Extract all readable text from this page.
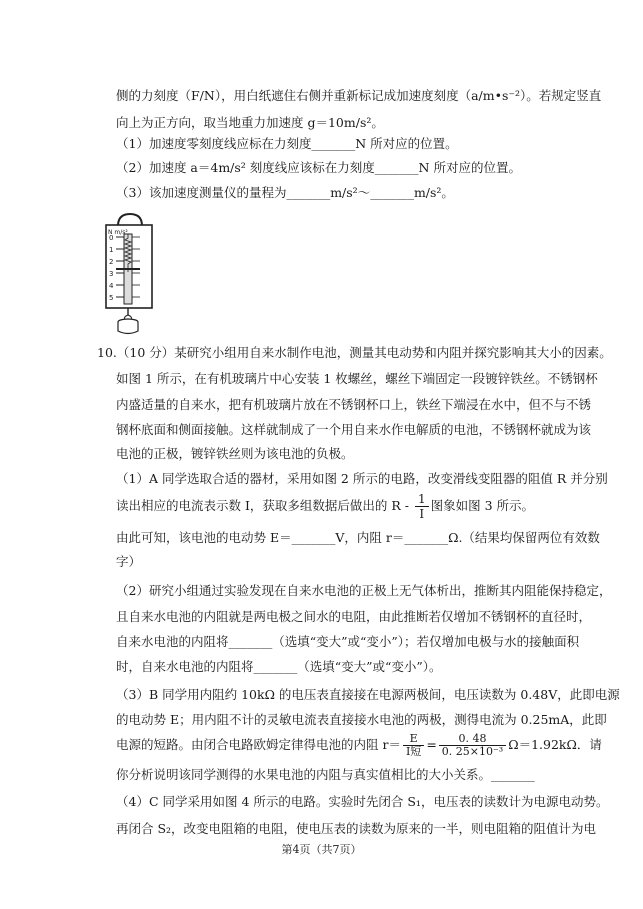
侧的力刻度（F/N），用白纸遮住右侧并重新标记成加速度刻度（a/m•s⁻²）。若规定竖直
向上为正方向，取当地重力加速度 g＝10m/s²。
（1）加速度零刻度线应标在力刻度_______N 所对应的位置。
（2）加速度 a＝4m/s² 刻度线应该标在力刻度_______N 所对应的位置。
（3）该加速度测量仪的量程为_______m/s²～_______m/s²。
N m/s²
0
1
2
3
4
5
10.（10 分）某研究小组用自来水制作电池，测量其电动势和内阻并探究影响其大小的因素。
如图 1 所示，在有机玻璃片中心安装 1 枚螺丝，螺丝下端固定一段镀锌铁丝。不锈钢杯
内盛适量的自来水，把有机玻璃片放在不锈钢杯口上，铁丝下端浸在水中，但不与不锈
钢杯底面和侧面接触。这样就制成了一个用自来水作电解质的电池，不锈钢杯就成为该
电池的正极，镀锌铁丝则为该电池的负极。
（1）A 同学选取合适的器材，采用如图 2 所示的电路，改变滑线变阻器的阻值 R 并分别
读出相应的电流表示数 I，获取多组数据后做出的 R - $\frac{1}{I}$ 图象如图 3 所示。
由此可知，该电池的电动势 E＝_______V，内阻 r＝_______Ω.（结果均保留两位有效数
字）
（2）研究小组通过实验发现在自来水电池的正极上无气体析出，推断其内阻能保持稳定，
且自来水电池的内阻就是两电极之间水的电阻，由此推断若仅增加不锈钢杯的直径时，
自来水电池的内阻将_______（选填“变大”或“变小”）；若仅增加电极与水的接触面积
时，自来水电池的内阻将_______（选填“变大”或“变小”）。
（3）B 同学用内阻约 10kΩ 的电压表直接接在电源两极间，电压读数为 0.48V，此即电源
的电动势 E；用内阻不计的灵敏电流表直接接水电池的两极，测得电流为 0.25mA，此即
电源的短路。由闭合电路欧姆定律得电池的内阻 $r= \frac{E}{\text{I短}} = \frac{0. 48}{\text{0. 25×10⁻³}} \Omega=1.92k\Omega$．请
你分析说明该同学测得的水果电池的内阻与真实值相比的大小关系。_______
（4）C 同学采用如图 4 所示的电路。实验时先闭合 S₁，电压表的读数计为电源电动势。
再闭合 S₂，改变电阻箱的电阻，使电压表的读数为原来的一半，则电阻箱的阻值计为电
第4页（共7页）
